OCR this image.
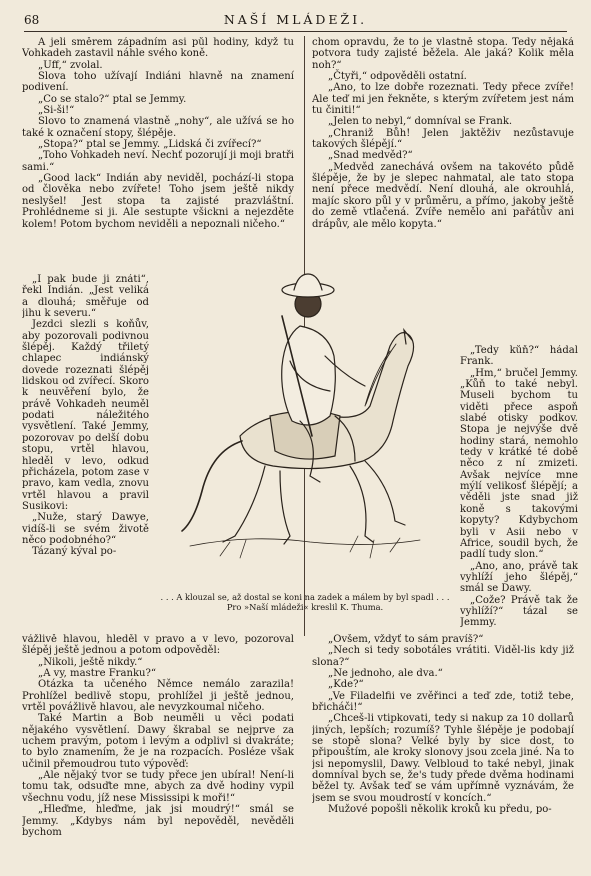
68	NAŠÍ MLÁDEŽI.

A jeli směrem západním asi půl hodiny, když tu Vohkadeh zastavil náhle svého koně.

„Uff,“ zvolal.

Slova toho užívají Indiáni hlavně na znamení podivení.

„Co se stalo?“ ptal se Jemmy.

„Si-ši!“

Slovo to znamená vlastně „nohy“, ale užívá se ho také k označení stopy, šlépěje.

„Stopa?“ ptal se Jemmy. „Lidská či zvířecí?“

„Toho Vohkadeh neví. Nechť pozorují ji moji bratři sami.“

„Good lack“ Indián aby neviděl, pochází-li stopa od člověka nebo zvířete! Toho jsem ještě nikdy neslyšel! Jest stopa ta zajisté prazvláštní. Prohlédneme si ji. Ale sestupte všickni a nejezděte kolem! Potom bychom neviděli a nepoznali ničeho.“

„I pak bude ji znáti“, řekl Indián. „Jest veliká a dlouhá; směřuje od jihu k severu.“

Jezdci slezli s koňův, aby pozorovali podivnou šlépěj. Každý třiletý chlapec indiánský dovede rozeznati šlépěj lidskou od zvířecí. Skoro k neuvěření bylo, že právě Vohkadeh neuměl podati náležitého vysvětlení. Také Jemmy, pozorovav po delší dobu stopu, vrtěl hlavou, hleděl v levo, odkud přicházela, potom zase v pravo, kam vedla, znovu vrtěl hlavou a pravil Susikovi:

„Nuže, starý Dawye, vidíš-li se svém životě něco podobného?“

Tázaný kýval po-

chom opravdu, že to je vlastně stopa. Tedy nějaká potvora tudy zajisté běžela. Ale jaká? Kolik měla noh?“

„Čtyři,“ odpověděli ostatní.

„Ano, to lze dobře rozeznati. Tedy přece zvíře! Ale teď mi jen řekněte, s kterým zvířetem jest nám tu činiti!“

„Jelen to nebyl,“ domníval se Frank.

„Chraniž Bůh! Jelen jaktěživ nezůstavuje takových šlépějí.“

„Snad medvěd?“

„Medvěd zanechává ovšem na takovéto půdě šlépěje, že by je slepec nahmatal, ale tato stopa není přece medvědí. Není dlouhá, ale okrouhlá, majíc skoro půl y v průměru, a přímo, jakoby ještě do země vtlačená. Zvíře nemělo ani pařátův ani drápův, ale mělo kopyta.“

„Tedy kůň?“ hádal Frank.

„Hm,“ bručel Jemmy. „Kůň to také nebyl. Museli bychom tu viděti přece aspoň slabé otisky podkov. Stopa je nejvýše dvě hodiny stará, nemohlo tedy v krátké té době něco z ní zmizeti. Avšak nejvíce mne mýlí velikosť šlépějí; a věděli jste snad již koně s takovými kopyty? Kdybychom byli v Asii nebo v Africe, soudil bych, že padlí tudy slon.“

„Ano, ano, právě tak vyhlíží jeho šlépěj,“ smál se Dawy.

„Cože? Právě tak že vyhlíží?“ tázal se Jemmy.

vážlivě hlavou, hleděl v pravo a v levo, pozoroval šlépěj ještě jednou a potom odpověděl:

„Nikoli, ještě nikdy.“

„A vy, mastre Franku?“

Otázka ta učeného Němce nemálo zarazila! Prohlížel bedlivě stopu, prohlížel ji ještě jednou, vrtěl povážlivě hlavou, ale nevyzkoumal ničeho.

Také Martin a Bob neuměli u věci podati nějakého vysvětlení. Dawy škrabal se nejprve za uchem pravým, potom i levým a odplivl si dvakráte; to bylo znamením, že je na rozpacích. Posléze však učinil přemoudrou tuto výpověď:

„Ale nějaký tvor se tudy přece jen ubíral! Není-li tomu tak, odsuďte mne, abych za dvě hodiny vypil všechnu vodu, jíž nese Mississipi k moři!“

„Hleďme, hleďme, jak jsi moudrý!“ smál se Jemmy. „Kdybys nám byl nepověděl, nevěděli bychom

„Ovšem, vždyť to sám pravíš?“

„Nech si tedy sobotáles vrátiti. Viděl-lis kdy již slona?“

„Ne jednoho, ale dva.“

„Kde?“

„Ve Filadelfii ve zvěřinci a teď zde, totiž tebe, břicháči!“

„Chceš-li vtipkovati, tedy si nakup za 10 dollarů jiných, lepších; rozumíš? Tyhle šlépěje je podobají se stopě slona? Velké byly by sice dost, to připouštím, ale kroky slonovy jsou zcela jiné. Na to jsi nepomyslil, Dawy. Velbloud to také nebyl, jinak domníval bych se, že's tudy přede dvěma hodinami běžel ty. Avšak teď se vám upřímně vyznávám, že jsem se svou moudrostí v koncích.“

Mužové popošli několik kroků ku předu, po-

. . . A klouzal se, až dostal se koni na zadek a málem by byl spadl . . .
Pro »Naší mládeži« kreslil K. Thuma.
